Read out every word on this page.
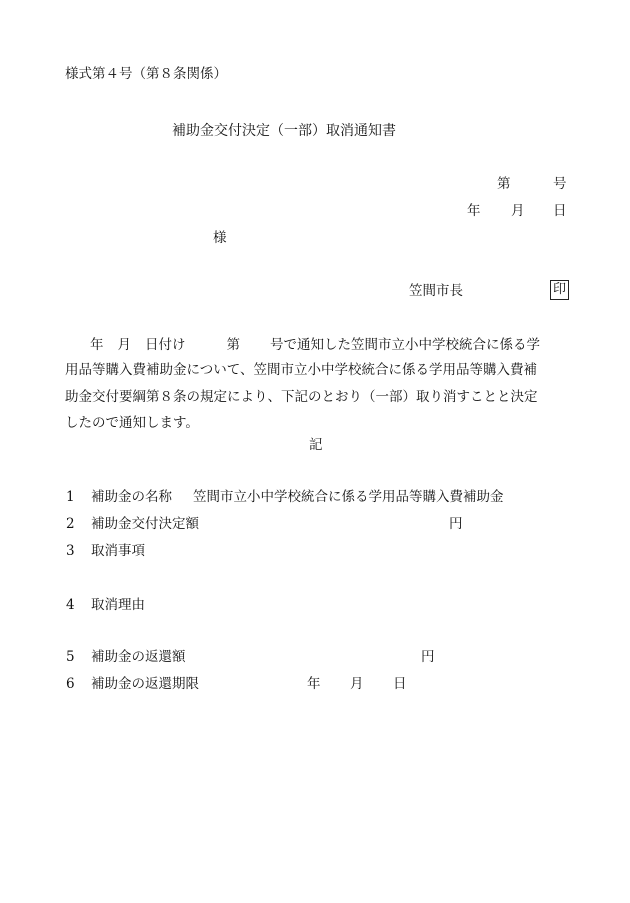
様式第４号（第８条関係）
補助金交付決定（一部）取消通知書
第	号
年 月 日
様
笠間市長	印
年 月 日付け	第 号で通知した笠間市立小中学校統合に係る学
用品等購入費補助金について、笠間市立小中学校統合に係る学用品等購入費補
助金交付要綱第８条の規定により、下記のとおり（一部）取り消すことと決定
したので通知します。
記
1 補助金の名称 笠間市立小中学校統合に係る学用品等購入費補助金
2 補助金交付決定額	円
3 取消事項
4 取消理由
5 補助金の返還額	円
6 補助金の返還期限	年 月 日
